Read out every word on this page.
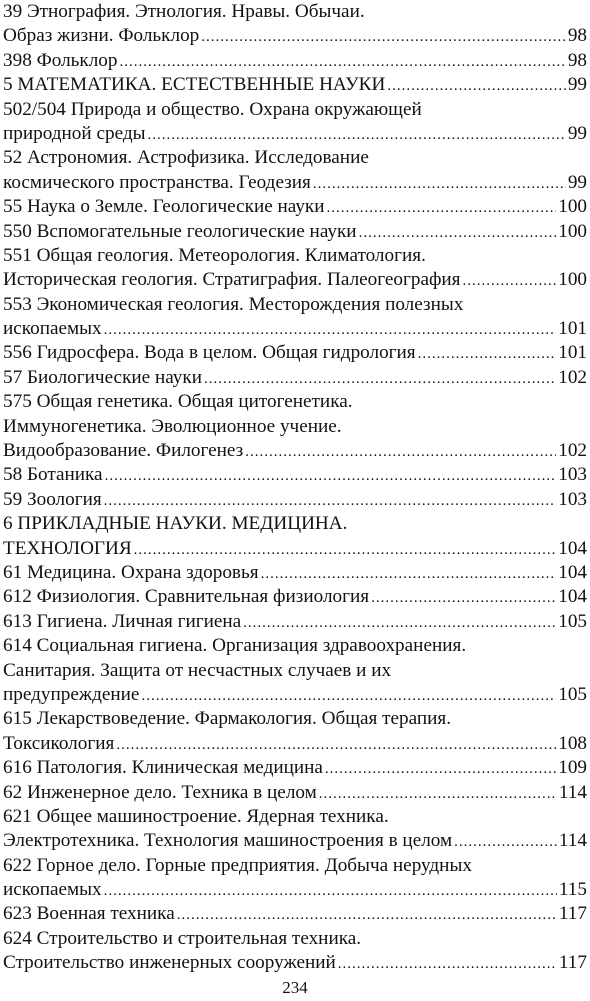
39 Этнография. Этнология. Нравы. Обычаи.
Образ жизни. Фольклор .....	98
398 Фольклор .....	98
5 МАТЕМАТИКА. ЕСТЕСТВЕННЫЕ НАУКИ .....	99
502/504 Природа и общество. Охрана окружающей
природной среды .....	99
52 Астрономия. Астрофизика. Исследование
космического пространства. Геодезия .....	99
55 Наука о Земле. Геологические науки .....	100
550 Вспомогательные геологические науки .....	100
551 Общая геология. Метеорология. Климатология.
Историческая геология. Стратиграфия. Палеогеография .....	100
553 Экономическая геология. Месторождения полезных
ископаемых .....	101
556 Гидросфера. Вода в целом. Общая гидрология .....	101
57 Биологические науки .....	102
575 Общая генетика. Общая цитогенетика.
Иммуногенетика. Эволюционное учение.
Видообразование. Филогенез .....	102
58 Ботаника .....	103
59 Зоология .....	103
6 ПРИКЛАДНЫЕ НАУКИ. МЕДИЦИНА.
ТЕХНОЛОГИЯ .....	104
61 Медицина. Охрана здоровья .....	104
612 Физиология. Сравнительная физиология .....	104
613 Гигиена. Личная гигиена .....	105
614 Социальная гигиена. Организация здравоохранения.
Санитария. Защита от несчастных случаев и их
предупреждение .....	105
615 Лекарствоведение. Фармакология. Общая терапия.
Токсикология .....	108
616 Патология. Клиническая медицина .....	109
62 Инженерное дело. Техника в целом .....	114
621 Общее машиностроение. Ядерная техника.
Электротехника. Технология машиностроения в целом .....	114
622 Горное дело. Горные предприятия. Добыча нерудных
ископаемых .....	115
623 Военная техника .....	117
624 Строительство и строительная техника.
Строительство инженерных сооружений .....	117
234
